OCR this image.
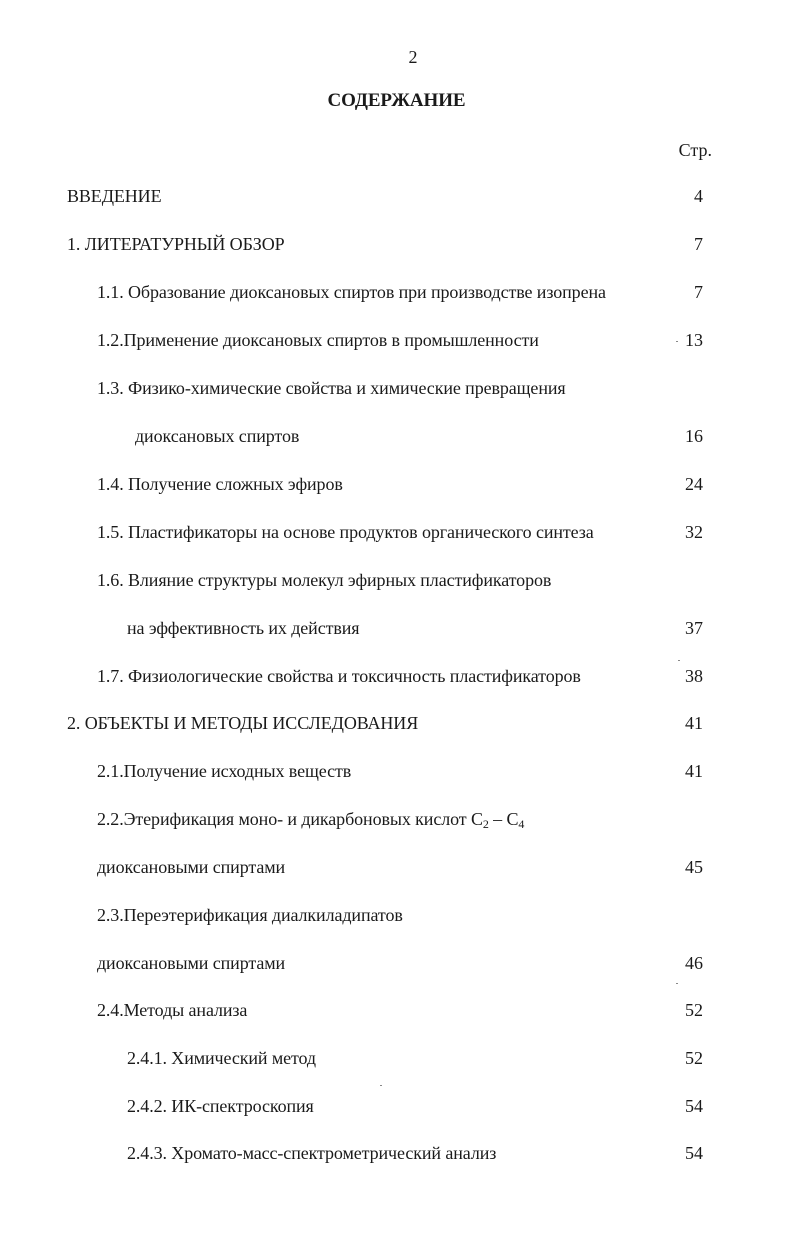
2
СОДЕРЖАНИЕ
Стр.
ВВЕДЕНИЕ	4
1. ЛИТЕРАТУРНЫЙ ОБЗОР	7
1.1. Образование диоксановых спиртов при производстве изопрена	7
1.2.Применение диоксановых спиртов в промышленности	13
1.3. Физико-химические свойства и химические превращения
диоксановых спиртов	16
1.4. Получение сложных эфиров	24
1.5. Пластификаторы на основе продуктов органического синтеза	32
1.6. Влияние структуры молекул эфирных пластификаторов
на эффективность их действия	37
1.7. Физиологические свойства и токсичность пластификаторов	38
2. ОБЪЕКТЫ И МЕТОДЫ ИССЛЕДОВАНИЯ	41
2.1.Получение исходных веществ	41
2.2.Этерификация моно- и дикарбоновых кислот $С_2 - С_4$
диоксановыми спиртами	45
2.3.Переэтерификация диалкиладипатов
диоксановыми спиртами	46
2.4.Методы анализа	52
2.4.1. Химический метод	52
2.4.2. ИК-спектроскопия	54
2.4.3. Хромато-масс-спектрометрический анализ	54
